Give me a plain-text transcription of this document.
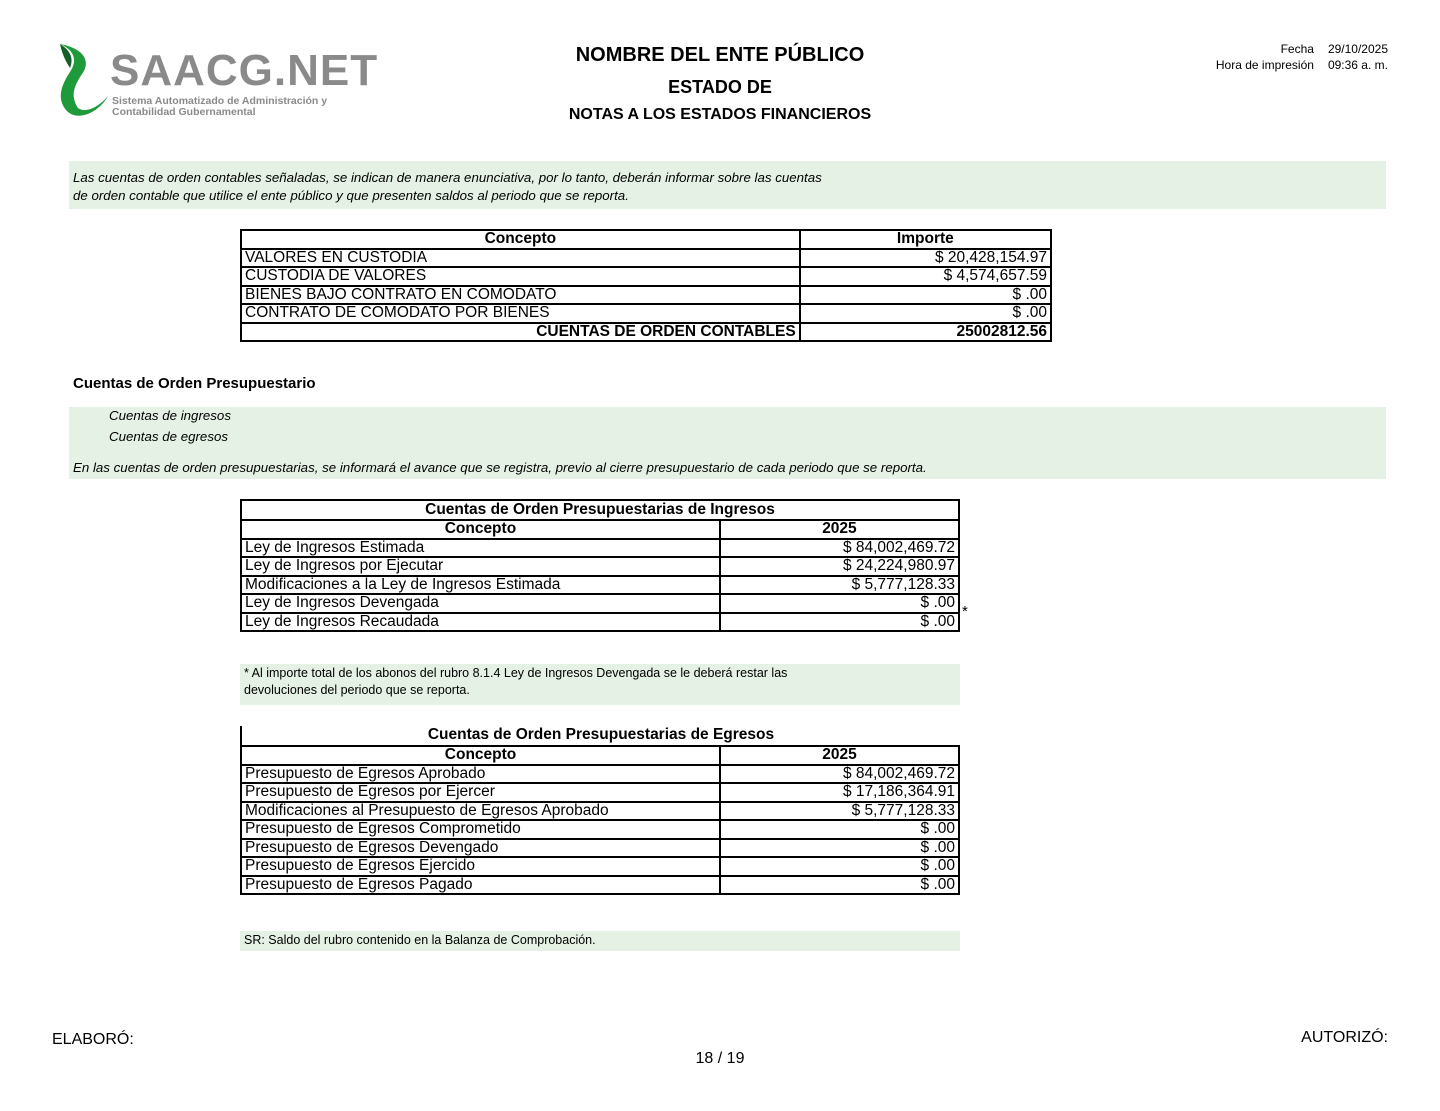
SAACG.NET
Sistema Automatizado de Administración y
Contabilidad Gubernamental
NOMBRE DEL ENTE PÚBLICO
ESTADO DE
NOTAS A LOS ESTADOS FINANCIEROS
Fecha	29/10/2025
Hora de impresión	09:36 a. m.
Las cuentas de orden contables señaladas, se indican de manera enunciativa, por lo tanto, deberán informar sobre las cuentas
de orden contable que utilice el ente público y que presenten saldos al periodo que se reporta.
Concepto	Importe
VALORES EN CUSTODIA	$ 20,428,154.97
CUSTODIA DE VALORES	$ 4,574,657.59
BIENES BAJO CONTRATO EN COMODATO	$ .00
CONTRATO DE COMODATO POR BIENES	$ .00
CUENTAS DE ORDEN CONTABLES	25002812.56
Cuentas de Orden Presupuestario
Cuentas de ingresos
Cuentas de egresos
En las cuentas de orden presupuestarias, se informará el avance que se registra, previo al cierre presupuestario de cada periodo que se reporta.
Cuentas de Orden Presupuestarias de Ingresos	
Concepto	2025
Ley de Ingresos Estimada	$ 84,002,469.72
Ley de Ingresos por Ejecutar	$ 24,224,980.97
Modificaciones a la Ley de Ingresos Estimada	$ 5,777,128.33
Ley de Ingresos Devengada	$ .00
Ley de Ingresos Recaudada	$ .00
*
* Al importe total de los abonos del rubro 8.1.4 Ley de Ingresos Devengada se le deberá restar las
devoluciones del periodo que se reporta.
Cuentas de Orden Presupuestarias de Egresos
Concepto	2025
Presupuesto de Egresos Aprobado	$ 84,002,469.72
Presupuesto de Egresos por Ejercer	$ 17,186,364.91
Modificaciones al Presupuesto de Egresos Aprobado	$ 5,777,128.33
Presupuesto de Egresos Comprometido	$ .00
Presupuesto de Egresos Devengado	$ .00
Presupuesto de Egresos Ejercido	$ .00
Presupuesto de Egresos Pagado	$ .00
SR: Saldo del rubro contenido en la Balanza de Comprobación.
ELABORÓ:	AUTORIZÓ:
18 / 19
